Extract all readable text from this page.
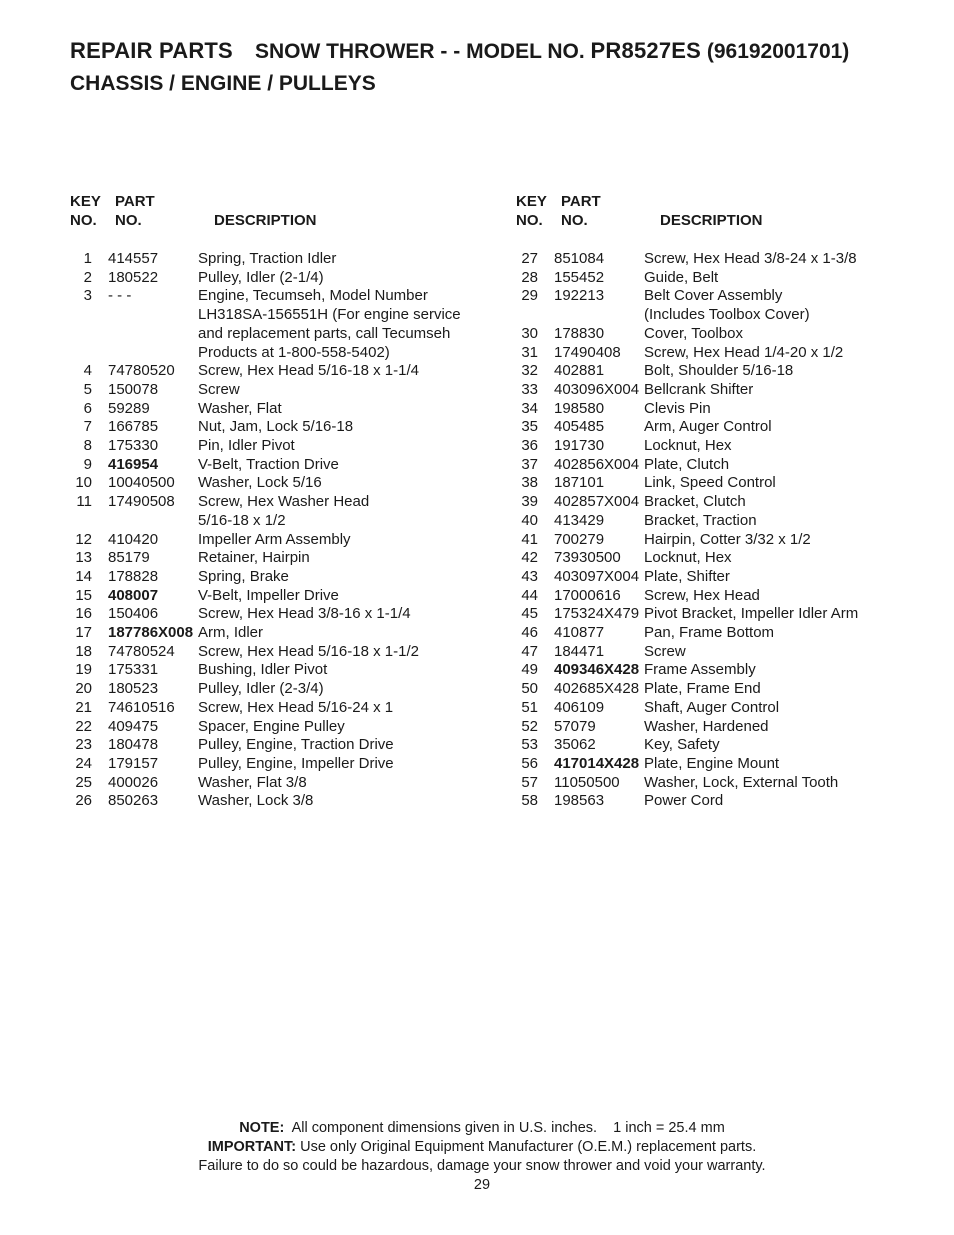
REPAIR PARTS SNOW THROWER - - MODEL NO. PR8527ES (96192001701)
CHASSIS / ENGINE / PULLEYS
KEY
NO.
PART
NO.	DESCRIPTION
1	414557	Spring, Traction Idler
2	180522	Pulley, Idler (2-1/4)
3	- - -	Engine, Tecumseh, Model Number
LH318SA-156551H (For engine service
and replacement parts, call Tecumseh
Products at 1-800-558-5402)
4	74780520	Screw, Hex Head 5/16-18 x 1-1/4
5	150078	Screw
6	59289	Washer, Flat
7	166785	Nut, Jam, Lock 5/16-18
8	175330	Pin, Idler Pivot
9	416954	V-Belt, Traction Drive
10	10040500	Washer, Lock 5/16
11	17490508	Screw, Hex Washer Head
5/16-18 x 1/2
12	410420	Impeller Arm Assembly
13	85179	Retainer, Hairpin
14	178828	Spring, Brake
15	408007	V-Belt, Impeller Drive
16	150406	Screw, Hex Head 3/8-16 x 1-1/4
17	187786X008 Arm, Idler
18	74780524	Screw, Hex Head 5/16-18 x 1-1/2
19	175331	Bushing, Idler Pivot
20	180523	Pulley, Idler (2-3/4)
21	74610516	Screw, Hex Head 5/16-24 x 1
22	409475	Spacer, Engine Pulley
23	180478	Pulley, Engine, Traction Drive
24	179157	Pulley, Engine, Impeller Drive
25	400026	Washer, Flat 3/8
26	850263	Washer, Lock 3/8
KEY
NO.
PART
NO.	DESCRIPTION
27	851084	Screw, Hex Head 3/8-24 x 1-3/8
28	155452	Guide, Belt
29	192213	Belt Cover Assembly
(Includes Toolbox Cover)
30	178830	Cover, Toolbox
31	17490408	Screw, Hex Head 1/4-20 x 1/2
32	402881	Bolt, Shoulder 5/16-18
33	403096X004 Bellcrank Shifter
34	198580	Clevis Pin
35	405485	Arm, Auger Control
36	191730	Locknut, Hex
37	402856X004 Plate, Clutch
38	187101	Link, Speed Control
39	402857X004 Bracket, Clutch
40	413429	Bracket, Traction
41	700279	Hairpin, Cotter 3/32 x 1/2
42	73930500	Locknut, Hex
43	403097X004 Plate, Shifter
44	17000616	Screw, Hex Head
45	175324X479 Pivot Bracket, Impeller Idler Arm
46	410877	Pan, Frame Bottom
47	184471	Screw
49	409346X428 Frame Assembly
50	402685X428 Plate, Frame End
51	406109	Shaft, Auger Control
52	57079	Washer, Hardened
53	35062	Key, Safety
56	417014X428 Plate, Engine Mount
57	11050500	Washer, Lock, External Tooth
58	198563	Power Cord
NOTE: All component dimensions given in U.S. inches.    1 inch = 25.4 mm
IMPORTANT: Use only Original Equipment Manufacturer (O.E.M.) replacement parts.
Failure to do so could be hazardous, damage your snow thrower and void your warranty.
29
